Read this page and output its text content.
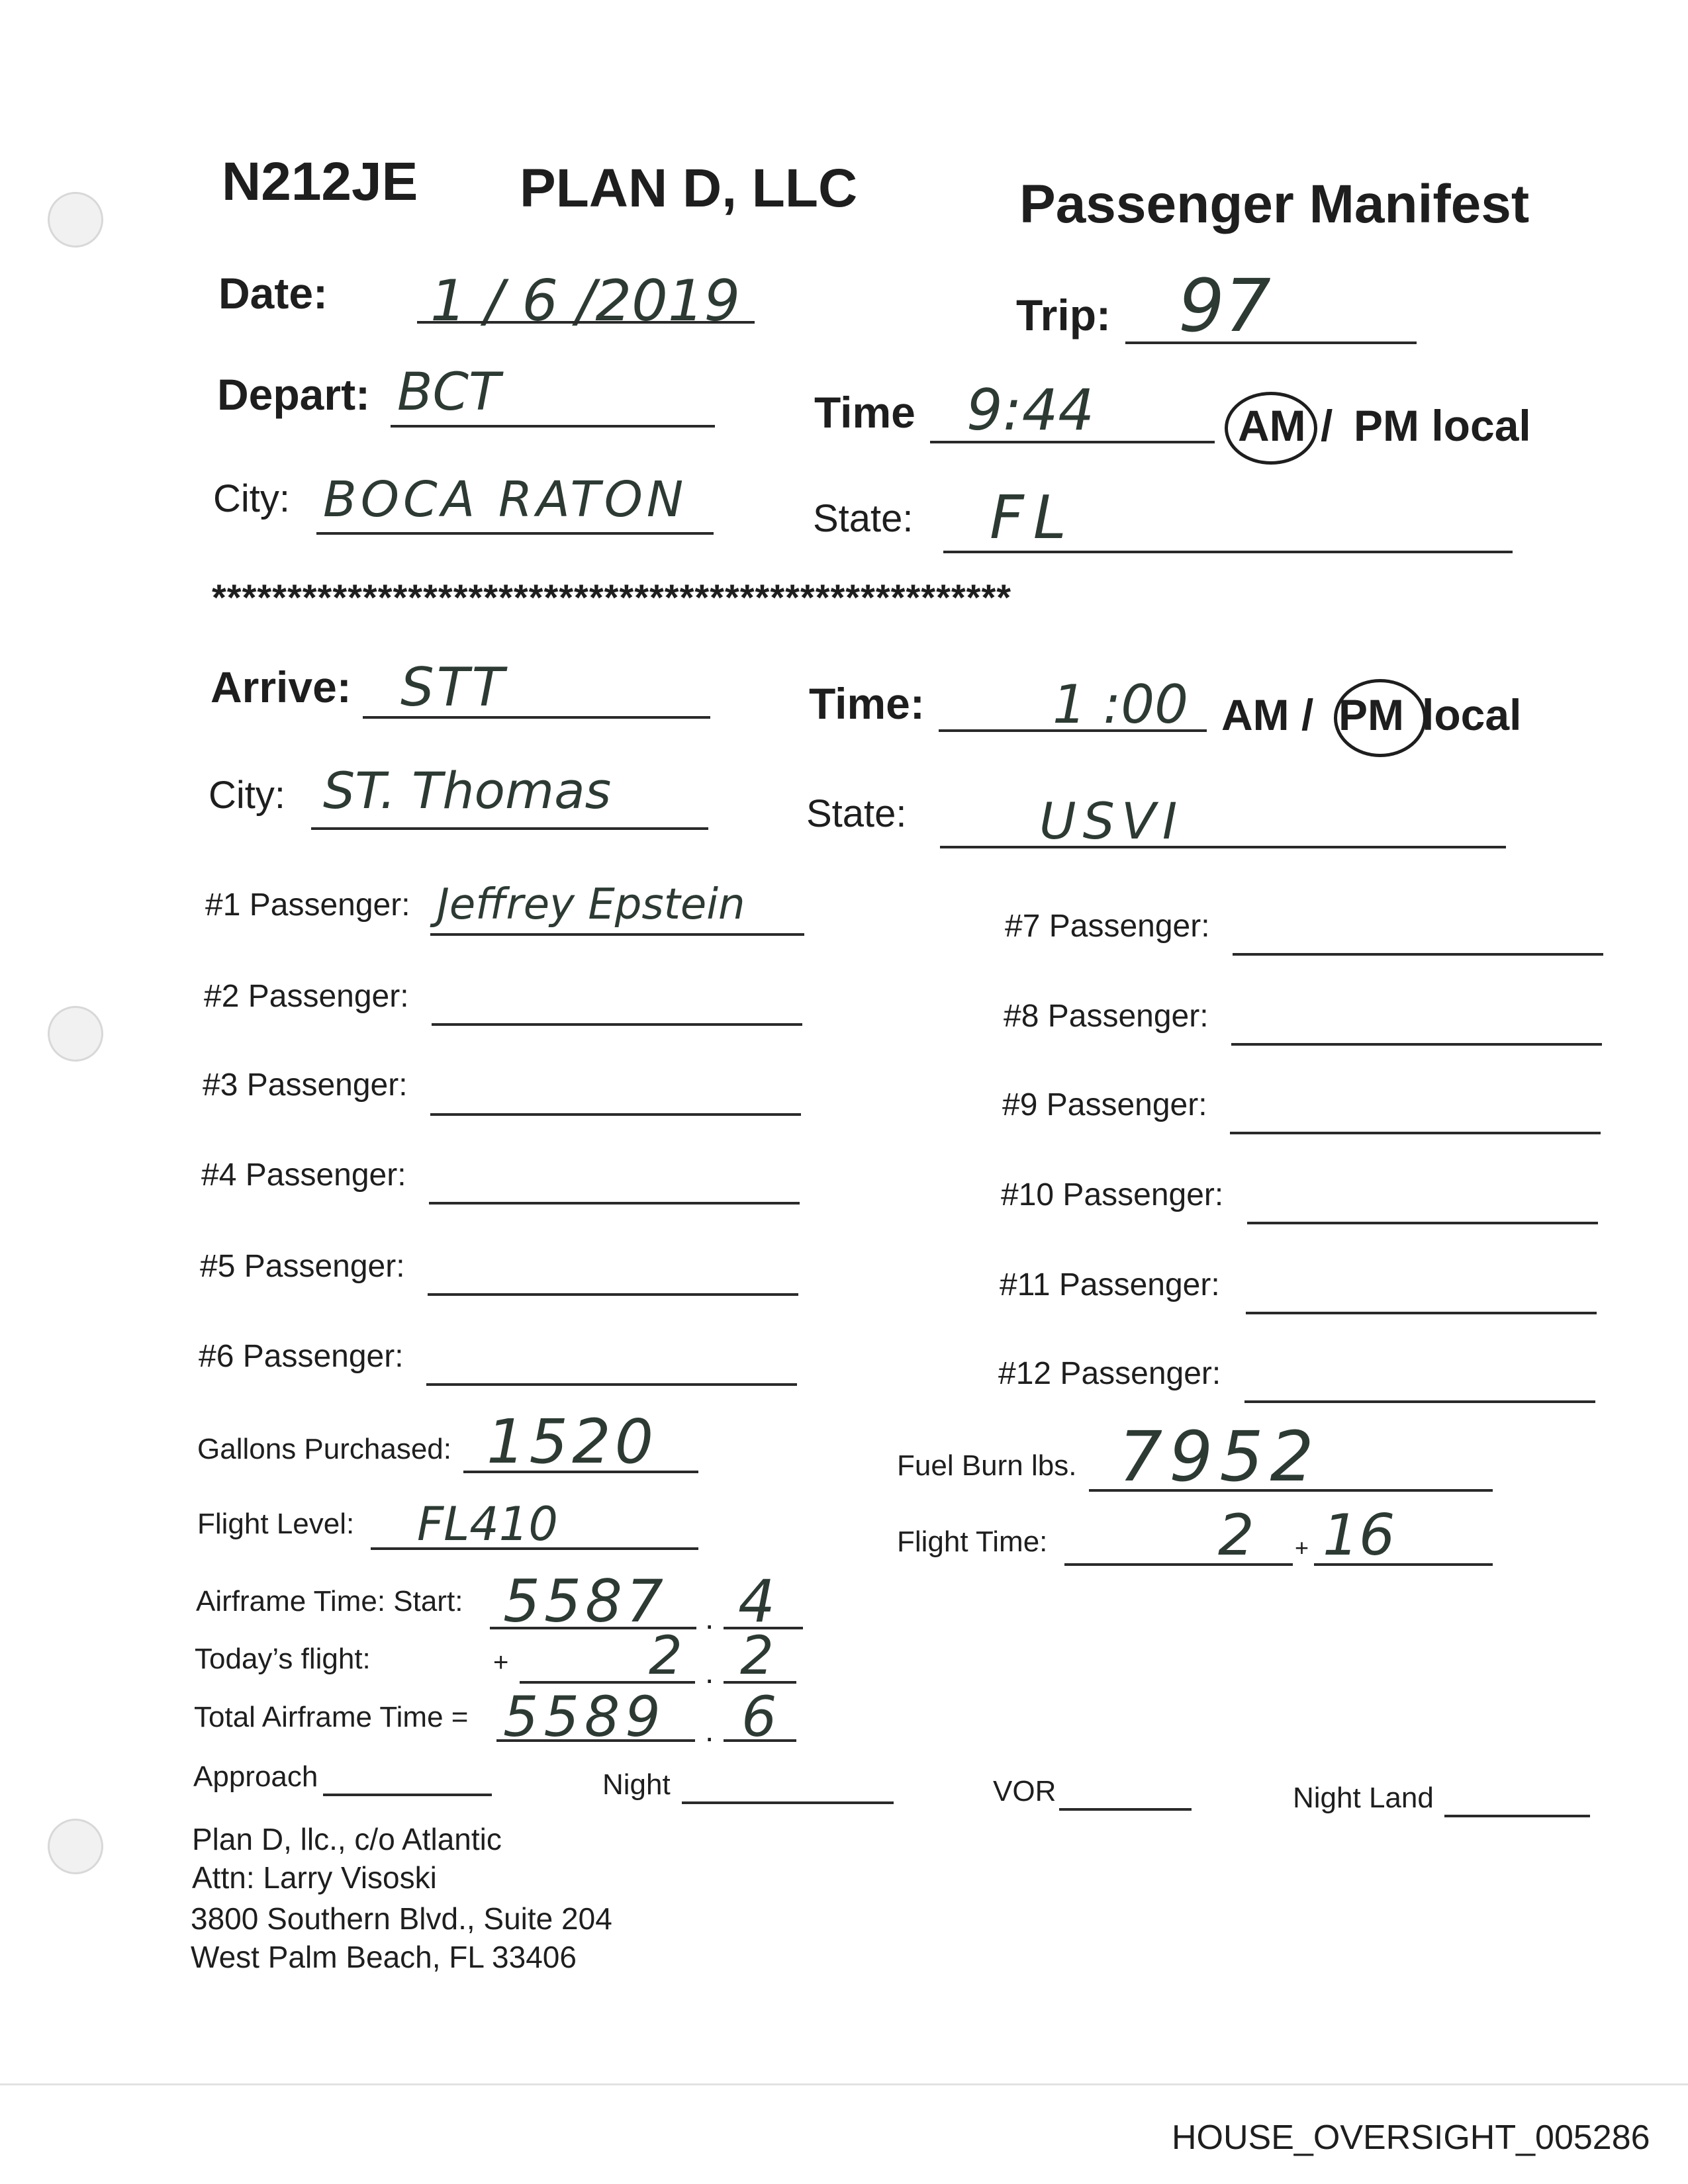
N212JE PLAN D, LLC	Passenger Manifest
Date: 1 / 6 /2019	Trip: 97
Depart: BCT	Time 9:44	AM / PM local
City: BOCA RATON	State: FL
*****************************************************
Arrive: STT	Time: 1 :00 AM / PM local
City: ST. Thomas	State:	USVI
#1 Passenger: Jeffrey Epstein
#2 Passenger:
#3 Passenger:
#4 Passenger:
#5 Passenger:
#6 Passenger:
#7 Passenger:
#8 Passenger:
#9 Passenger:
#10 Passenger:
#11 Passenger:
#12 Passenger:
Gallons Purchased: 1520	Fuel Burn lbs. 7952
Flight Level: FL410	Flight Time:	2 + 16
Airframe Time: Start: 5587 . 4
Today’s flight:	+	2 . 2
Total Airframe Time = 5589 . 6
Approach	Night	VOR	Night Land
Plan D, llc., c/o Atlantic
Attn: Larry Visoski
3800 Southern Blvd., Suite 204
West Palm Beach, FL 33406
HOUSE_OVERSIGHT_005286
